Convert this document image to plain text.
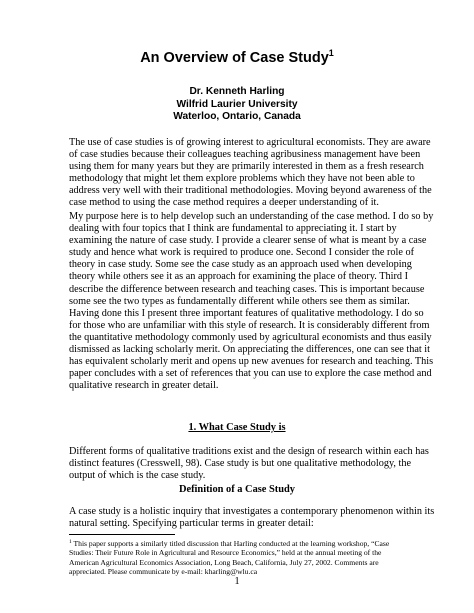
An Overview of Case Study$^1$
Dr. Kenneth Harling
Wilfrid Laurier University
Waterloo, Ontario, Canada
The use of case studies is of growing interest to agricultural economists. They are aware
of case studies because their colleagues teaching agribusiness management have been
using them for many years but they are primarily interested in them as a fresh research
methodology that might let them explore problems which they have not been able to
address very well with their traditional methodologies. Moving beyond awareness of the
case method to using the case method requires a deeper understanding of it.
My purpose here is to help develop such an understanding of the case method. I do so by
dealing with four topics that I think are fundamental to appreciating it. I start by
examining the nature of case study. I provide a clearer sense of what is meant by a case
study and hence what work is required to produce one. Second I consider the role of
theory in case study. Some see the case study as an approach used when developing
theory while others see it as an approach for examining the place of theory. Third I
describe the difference between research and teaching cases. This is important because
some see the two types as fundamentally different while others see them as similar.
Having done this I present three important features of qualitative methodology. I do so
for those who are unfamiliar with this style of research. It is considerably different from
the quantitative methodology commonly used by agricultural economists and thus easily
dismissed as lacking scholarly merit. On appreciating the differences, one can see that it
has equivalent scholarly merit and opens up new avenues for research and teaching. This
paper concludes with a set of references that you can use to explore the case method and
qualitative research in greater detail.
1. What Case Study is
Different forms of qualitative traditions exist and the design of research within each has
distinct features (Cresswell, 98). Case study is but one qualitative methodology, the
output of which is the case study.
Definition of a Case Study
A case study is a holistic inquiry that investigates a contemporary phenomenon within its
natural setting. Specifying particular terms in greater detail:
$^1$ This paper supports a similarly titled discussion that Harling conducted at the learning workshop, “Case
Studies: Their Future Role in Agricultural and Resource Economics,” held at the annual meeting of the
American Agricultural Economics Association, Long Beach, California, July 27, 2002. Comments are
appreciated. Please communicate by e-mail: kharling@wlu.ca
1
